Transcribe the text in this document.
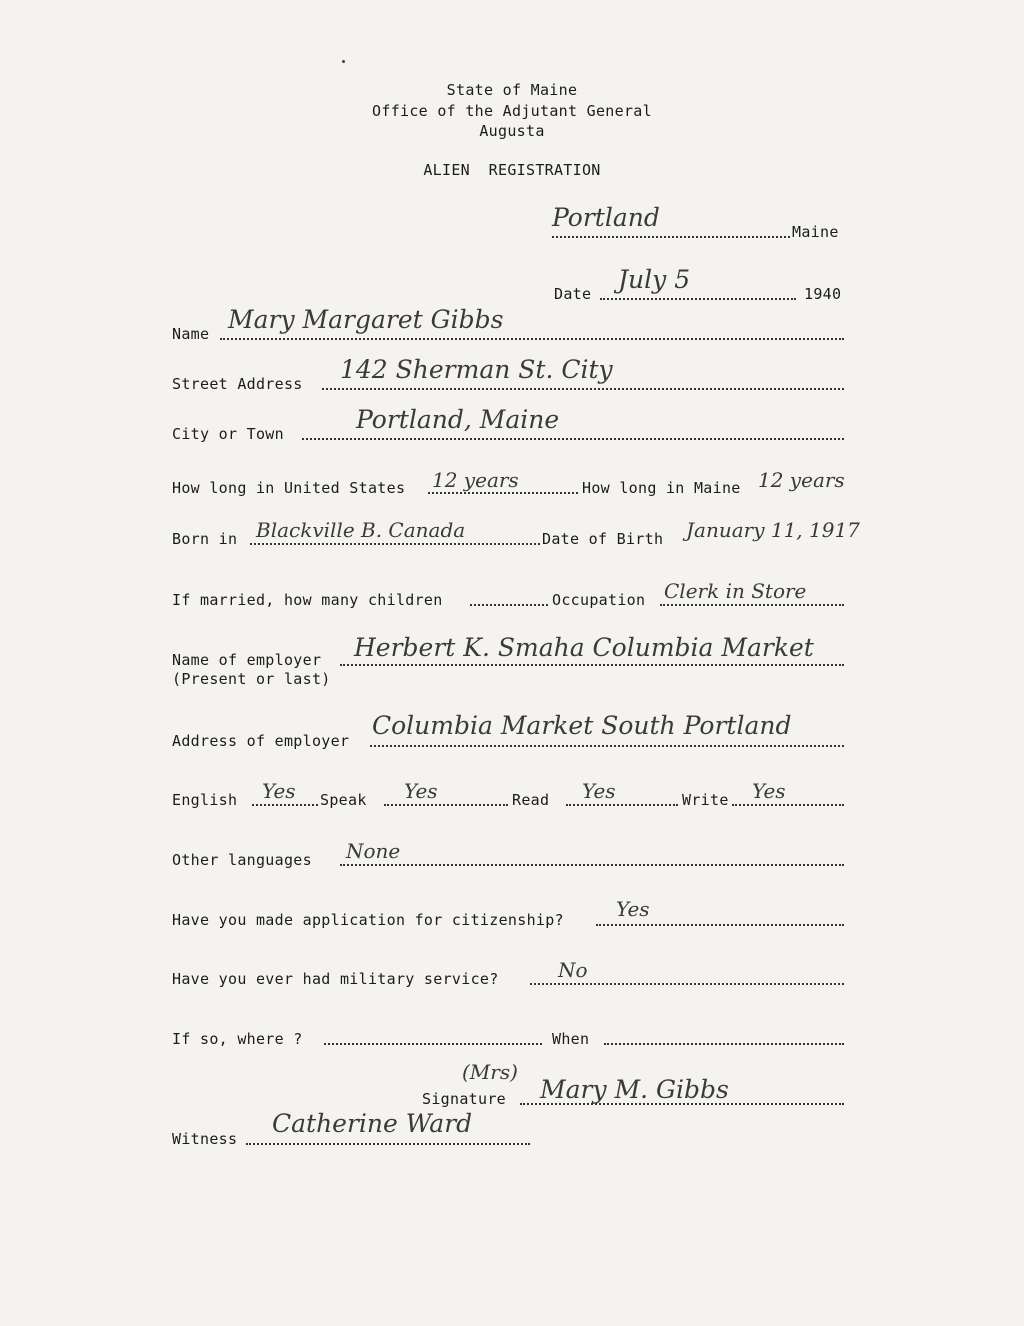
State of Maine
Office of the Adjutant General
Augusta
ALIEN  REGISTRATION
Portland	Maine
Date July 5	1940
Name Mary Margaret Gibbs
Street Address 142 Sherman St. City
City or Town	Portland, Maine
How long in United States 12 years	How long in Maine 12 years
Born in Blackville B. Canada	Date of Birth January 11, 1917
If married, how many children	Occupation Clerk in Store
Name of employer
(Present or last)
Herbert K. Smaha Columbia Market
Address of employer
Columbia Market South Portland
English Yes Speak Yes	Read Yes	Write Yes
Other languages None
Have you made application for citizenship?	Yes
Have you ever had military service?	No
If so, where ?	When
Signature
(Mrs)
Mary M. Gibbs
Witness
Catherine Ward
